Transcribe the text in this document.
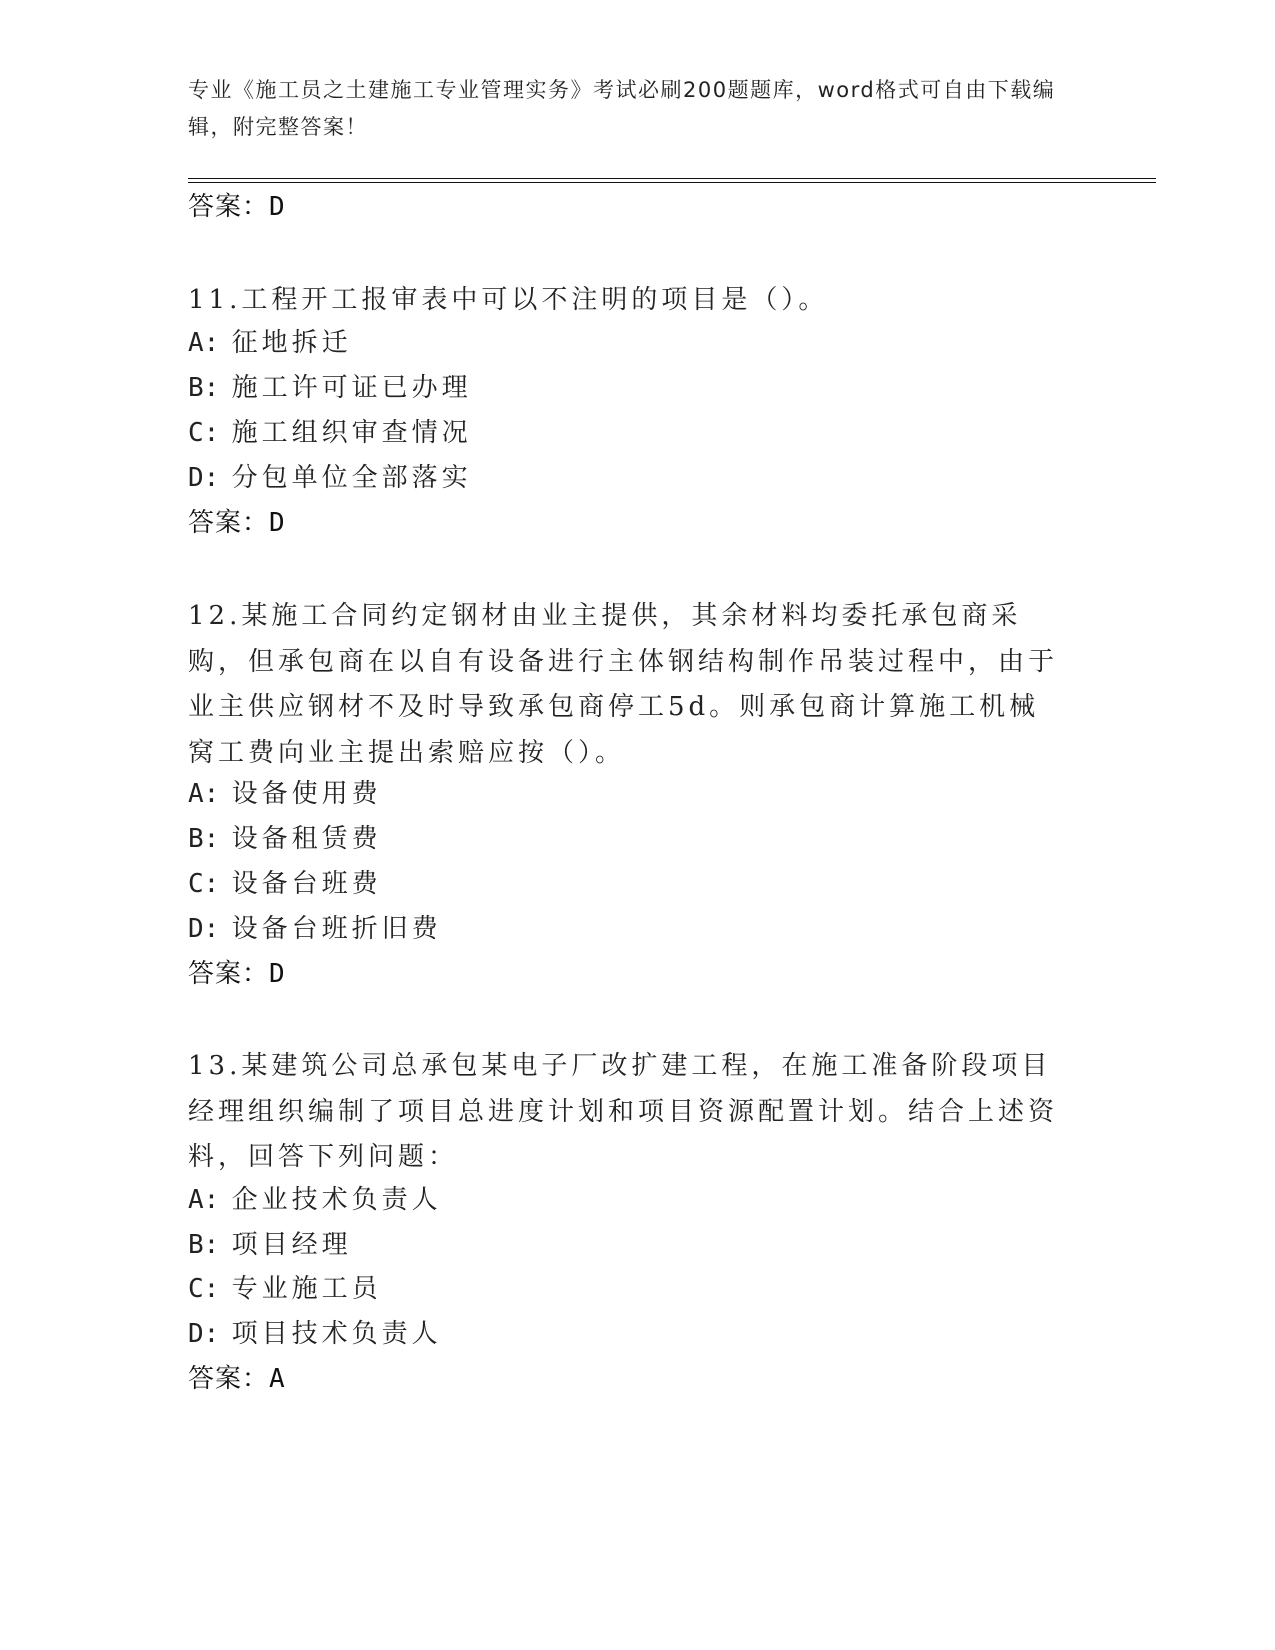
专业《施工员之土建施工专业管理实务》考试必刷200题题库，word格式可自由下载编辑，附完整答案！
答案：D
11.工程开工报审表中可以不注明的项目是（）。
A: 征地拆迁
B: 施工许可证已办理
C: 施工组织审查情况
D: 分包单位全部落实
答案：D
12.某施工合同约定钢材由业主提供，其余材料均委托承包商采购，但承包商在以自有设备进行主体钢结构制作吊装过程中，由于业主供应钢材不及时导致承包商停工5d。则承包商计算施工机械窝工费向业主提出索赔应按（）。
A: 设备使用费
B: 设备租赁费
C: 设备台班费
D: 设备台班折旧费
答案：D
13.某建筑公司总承包某电子厂改扩建工程，在施工准备阶段项目经理组织编制了项目总进度计划和项目资源配置计划。结合上述资料，回答下列问题：
A: 企业技术负责人
B: 项目经理
C: 专业施工员
D: 项目技术负责人
答案：A
